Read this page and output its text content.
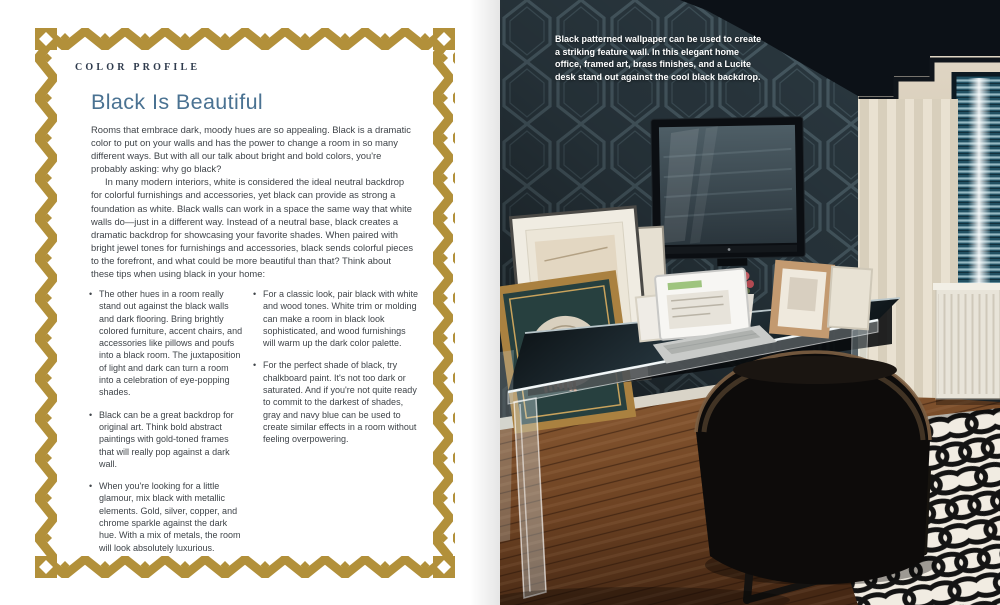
COLOR PROFILE
Black Is Beautiful

Rooms that embrace dark, moody hues are so appealing. Black is a dramatic color to put on your walls and has the power to change a room in so many different ways. But with all our talk about bright and bold colors, you're probably asking: why go black?

In many modern interiors, white is considered the ideal neutral backdrop for colorful furnishings and accessories, yet black can provide as strong a foundation as white. Black walls can work in a space the same way that white walls do—just in a different way. Instead of a neutral base, black creates a dramatic backdrop for showcasing your favorite shades. When paired with bright jewel tones for furnishings and accessories, black sends colorful pieces to the forefront, and what could be more beautiful than that? Think about these tips when using black in your home:

• The other hues in a room really stand out against the black walls and dark flooring. Bring brightly colored furniture, accent chairs, and accessories like pillows and poufs into a black room. The juxtaposition of light and dark can turn a room into a celebration of eye-popping shades.
• Black can be a great backdrop for original art. Think bold abstract paintings with gold-toned frames that will really pop against a dark wall.
• When you're looking for a little glamour, mix black with metallic elements. Gold, silver, copper, and chrome sparkle against the dark hue. With a mix of metals, the room will look absolutely luxurious.
• For a classic look, pair black with white and wood tones. White trim or molding can make a room in black look sophisticated, and wood furnishings will warm up the dark color palette.
• For the perfect shade of black, try chalkboard paint. It's not too dark or saturated. And if you're not quite ready to commit to the darkest of shades, gray and navy blue can be used to create similar effects in a room without feeling overpowering.
Black patterned wallpaper can be used to create a striking feature wall. In this elegant home office, framed art, brass finishes, and a Lucite desk stand out against the cool black backdrop.
